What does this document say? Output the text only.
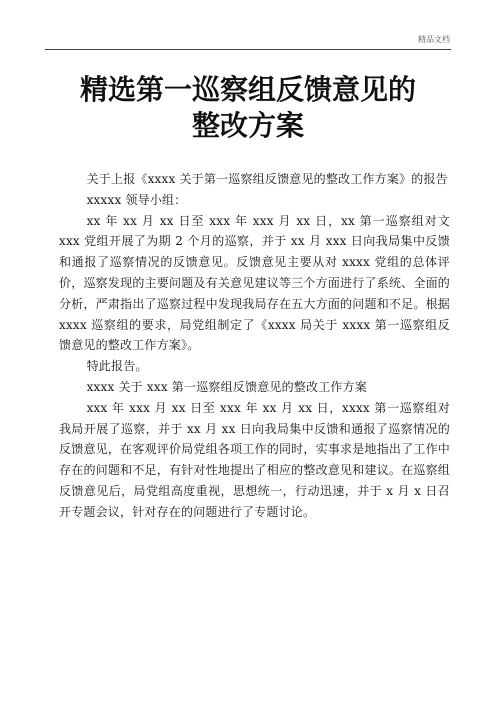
精品文档
精选第一巡察组反馈意见的
整改方案

关于上报《xxxx 关于第一巡察组反馈意见的整改工作方案》的报告

xxxxx 领导小组：

xx 年 xx 月 xx 日至 xxx 年 xxx 月 xx 日，xx 第一巡察组对文 xxx 党组开展了为期 2 个月的巡察，并于 xx 月 xxx 日向我局集中反馈和通报了巡察情况的反馈意见。反馈意见主要从对 xxxx 党组的总体评价，巡察发现的主要问题及有关意见建议等三个方面进行了系统、全面的分析，严肃指出了巡察过程中发现我局存在五大方面的问题和不足。根据 xxxx 巡察组的要求，局党组制定了《xxxx 局关于 xxxx 第一巡察组反馈意见的整改工作方案》。

特此报告。

xxxx 关于 xxx 第一巡察组反馈意见的整改工作方案

xxx 年 xxx 月 xx 日至 xxx 年 xx 月 xx 日，xxxx 第一巡察组对我局开展了巡察，并于 xx 月 xx 日向我局集中反馈和通报了巡察情况的反馈意见，在客观评价局党组各项工作的同时，实事求是地指出了工作中存在的问题和不足，有针对性地提出了相应的整改意见和建议。在巡察组反馈意见后，局党组高度重视，思想统一，行动迅速，并于 x 月 x 日召开专题会议，针对存在的问题进行了专题讨论。
